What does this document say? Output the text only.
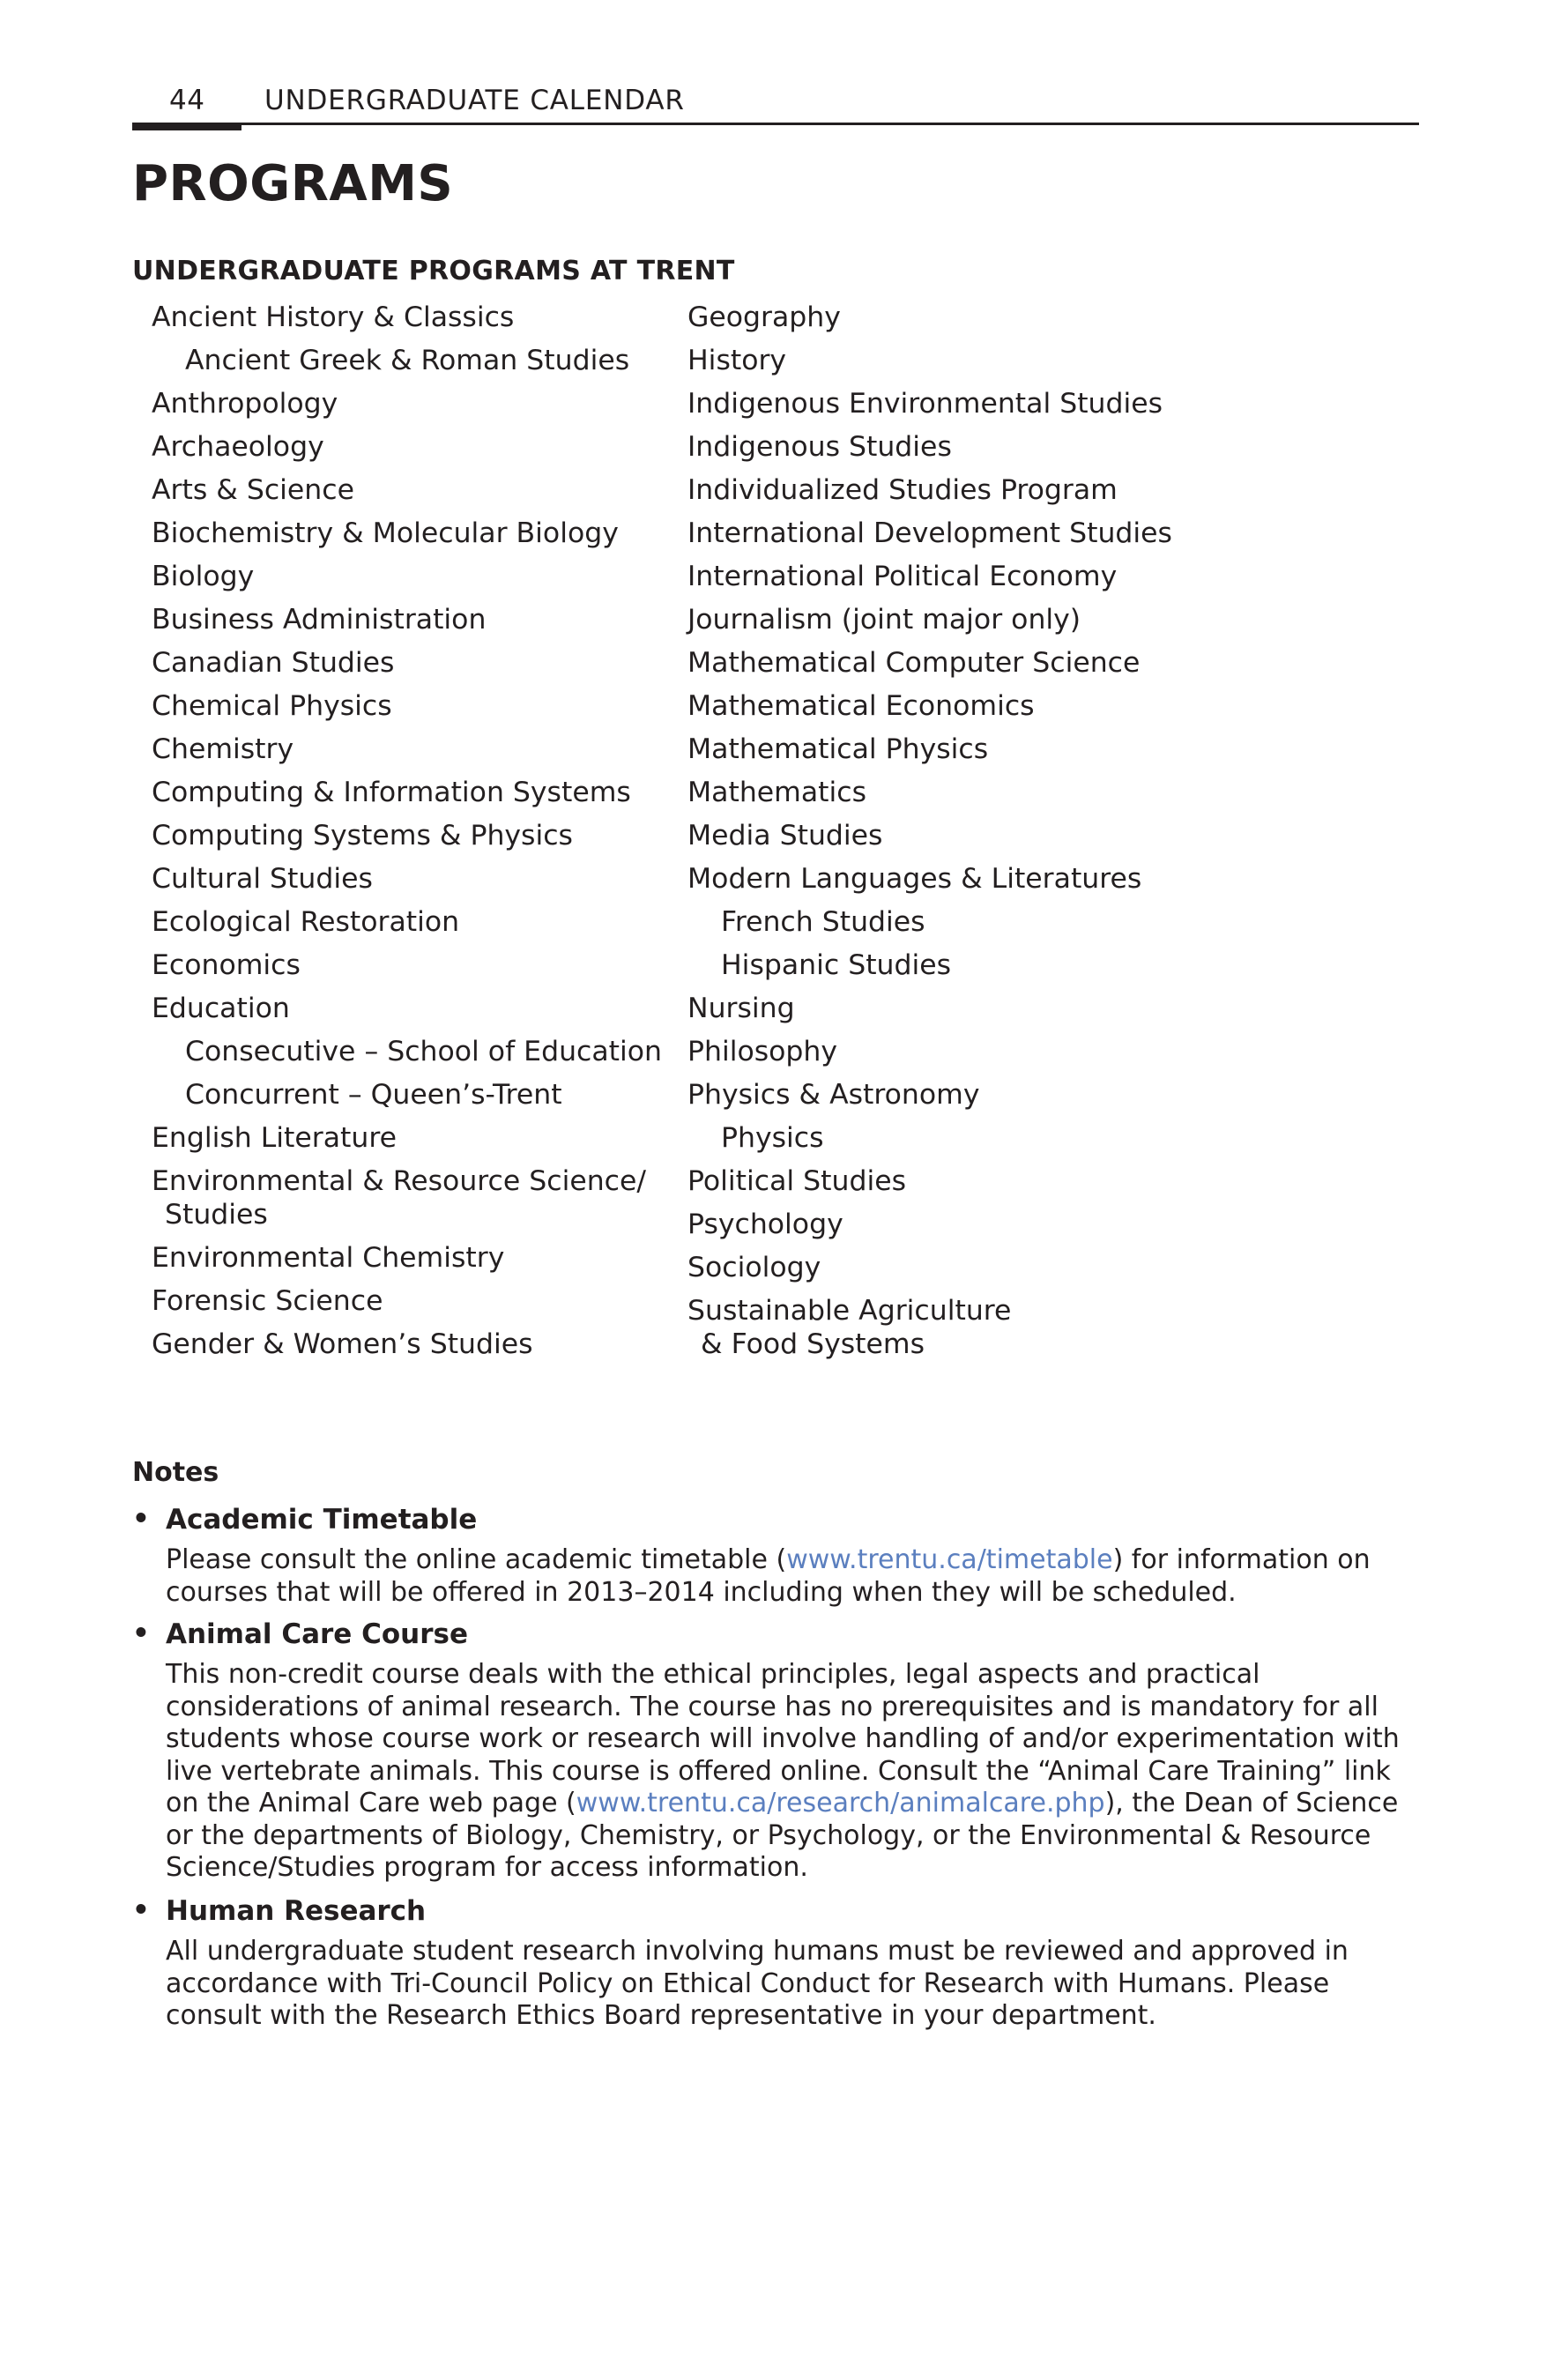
44 UNDERGRADUATE CALENDAR
PROGRAMS
UNDERGRADUATE PROGRAMS AT TRENT
Ancient History & Classics
Ancient Greek & Roman Studies
Anthropology
Archaeology
Arts & Science
Biochemistry & Molecular Biology
Biology
Business Administration
Canadian Studies
Chemical Physics
Chemistry
Computing & Information Systems
Computing Systems & Physics
Cultural Studies
Ecological Restoration
Economics
Education
Consecutive – School of Education
Concurrent – Queen’s-Trent
English Literature
Environmental & Resource Science/
Studies
Environmental Chemistry
Forensic Science
Gender & Women’s Studies
Geography
History
Indigenous Environmental Studies
Indigenous Studies
Individualized Studies Program
International Development Studies
International Political Economy
Journalism (joint major only)
Mathematical Computer Science
Mathematical Economics
Mathematical Physics
Mathematics
Media Studies
Modern Languages & Literatures
French Studies
Hispanic Studies
Nursing
Philosophy
Physics & Astronomy
Physics
Political Studies
Psychology
Sociology
Sustainable Agriculture
& Food Systems
Notes
• Academic Timetable

Please consult the online academic timetable (www.trentu.ca/timetable) for information on courses that will be offered in 2013–2014 including when they will be scheduled.

• Animal Care Course

This non-credit course deals with the ethical principles, legal aspects and practical considerations of animal research. The course has no prerequisites and is mandatory for all students whose course work or research will involve handling of and/or experimentation with live vertebrate animals. This course is offered online. Consult the “Animal Care Training” link on the Animal Care web page (www.trentu.ca/research/animalcare.php), the Dean of Science or the departments of Biology, Chemistry, or Psychology, or the Environmental & Resource Science/Studies program for access information.

• Human Research

All undergraduate student research involving humans must be reviewed and approved in accordance with Tri-Council Policy on Ethical Conduct for Research with Humans. Please consult with the Research Ethics Board representative in your department.
